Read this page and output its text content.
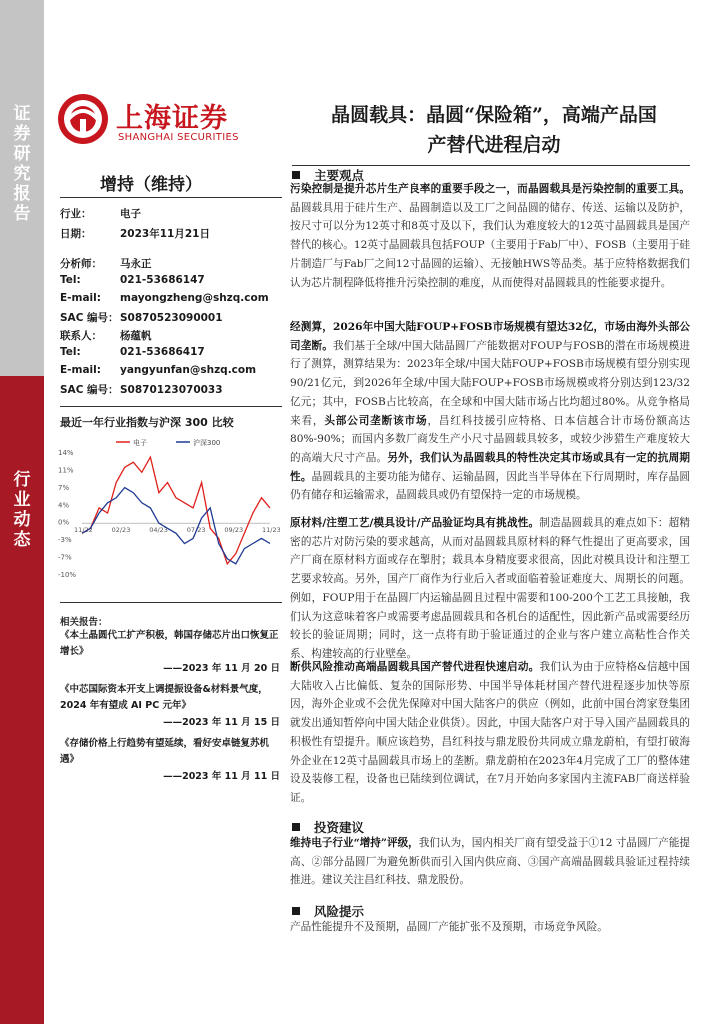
证券研究报告
行业动态
上海证券
SHANGHAI SECURITIES
增持（维持）
行业：	电子
日期：	2023年11月21日
分析师： 马永正
Tel:	021-53686147
E-mail: mayongzheng@shzq.com
SAC 编号：S0870523090001
联系人： 杨蕴帆
Tel:	021-53686417
E-mail: yangyunfan@shzq.com
SAC 编号：S0870123070033
最近一年行业指数与沪深 300 比较
14%
11%
7%
4%
0%
-3%
-7%
-10%
11/22	02/23	04/23	07/23	09/23	11/23
电子	沪深300
相关报告：
《本土晶圆代工扩产积极，韩国存储芯片出口恢复正增长》
——2023 年 11 月 20 日
《中芯国际资本开支上调提振设备&材料景气度，2024 年有望成 AI PC 元年》
——2023 年 11 月 15 日
《存储价格上行趋势有望延续，看好安卓链复苏机遇》
——2023 年 11 月 11 日
晶圆载具：晶圆“保险箱”，高端产品国
产替代进程启动
主要观点
污染控制是提升芯片生产良率的重要手段之一，而晶圆载具是污染控制的重要工具。晶圆载具用于硅片生产、晶圆制造以及工厂之间晶圆的储存、传送、运输以及防护，按尺寸可以分为12英寸和8英寸及以下，我们认为难度较大的12英寸晶圆载具是国产替代的核心。12英寸晶圆载具包括FOUP（主要用于Fab厂中）、FOSB（主要用于硅片制造厂与Fab厂之间12寸晶圆的运输）、无接触HWS等品类。基于应特格数据我们认为芯片制程降低将推升污染控制的难度，从而使得对晶圆载具的性能要求提升。
经测算，2026年中国大陆FOUP+FOSB市场规模有望达32亿，市场由海外头部公司垄断。我们基于全球/中国大陆晶圆厂产能数据对FOUP与FOSB的潜在市场规模进行了测算，测算结果为：2023年全球/中国大陆FOUP+FOSB市场规模有望分别实现90/21亿元，到2026年全球/中国大陆FOUP+FOSB市场规模或将分别达到123/32亿元；其中，FOSB占比较高，在全球和中国大陆市场占比均超过80%。从竞争格局来看，头部公司垄断该市场，昌红科技援引应特格、日本信越合计市场份额高达80%-90%；而国内多数厂商发生产小尺寸晶圆载具较多，或较少涉猎生产难度较大的高端大尺寸产品。另外，我们认为晶圆载具的特性决定其市场或具有一定的抗周期性。晶圆载具的主要功能为储存、运输晶圆，因此当半导体在下行周期时，库存晶圆仍有储存和运输需求，晶圆载具或仍有望保持一定的市场规模。
原材料/注塑工艺/模具设计/产品验证均具有挑战性。制造晶圆载具的难点如下：超精密的芯片对防污染的要求越高，从而对晶圆载具原材料的释气性提出了更高要求，国产厂商在原材料方面或存在掣肘；载具本身精度要求很高，因此对模具设计和注塑工艺要求较高。另外，国产厂商作为行业后入者或面临着验证难度大、周期长的问题。例如，FOUP用于在晶圆厂内运输晶圆且过程中需要和100-200个工艺工具接触，我们认为这意味着客户或需要考虑晶圆载具和各机台的适配性，因此新产品或需要经历较长的验证周期；同时，这一点将有助于验证通过的企业与客户建立高粘性合作关系、构建较高的行业壁垒。
断供风险推动高端晶圆载具国产替代进程快速启动。我们认为由于应特格&信越中国大陆收入占比偏低、复杂的国际形势、中国半导体耗材国产替代进程逐步加快等原因，海外企业或不会优先保障对中国大陆客户的供应（例如，此前中国台湾家登集团就发出通知暂停向中国大陆企业供货）。因此，中国大陆客户对于导入国产晶圆载具的积极性有望提升。顺应该趋势，昌红科技与鼎龙股份共同成立鼎龙蔚柏，有望打破海外企业在12英寸晶圆载具市场上的垄断。鼎龙蔚柏在2023年4月完成了工厂的整体建设及装修工程，设备也已陆续到位调试，在7月开始向多家国内主流FAB厂商送样验证。
投资建议
维持电子行业“增持”评级，我们认为，国内相关厂商有望受益于①12 寸晶圆厂产能提高、②部分晶圆厂为避免断供而引入国内供应商、③国产高端晶圆载具验证过程持续推进。建议关注昌红科技、鼎龙股份。
风险提示
产品性能提升不及预期，晶圆厂产能扩张不及预期，市场竞争风险。
